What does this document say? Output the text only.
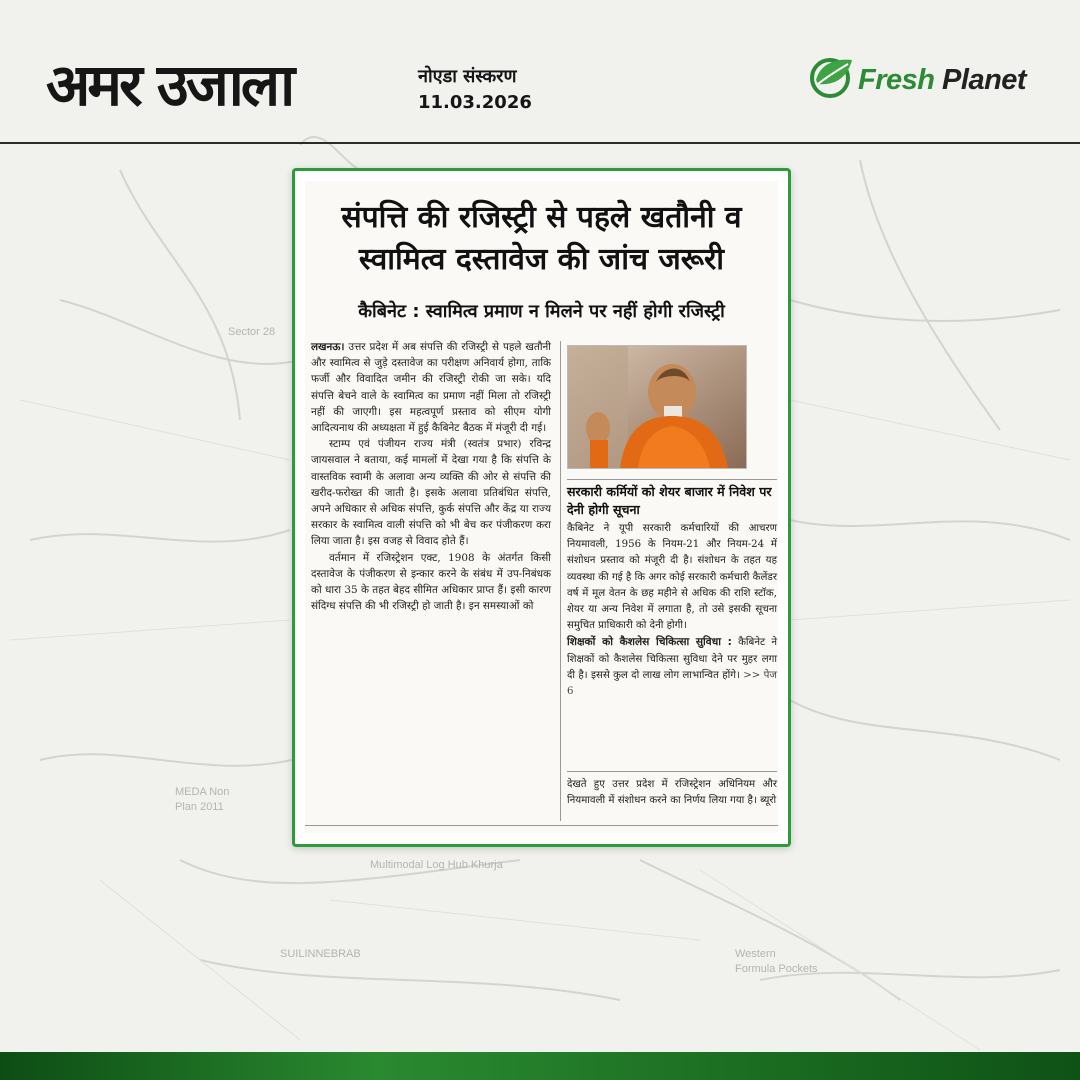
MEDA Non
Plan 2011
Multimodal Log Hub Khurja
Western
Formula Pockets
SUILINNEBRAB
Sector 28
अमर उजाला	नोएडा संस्करण
11.03.2026
Fresh Planet
संपत्ति की रजिस्ट्री से पहले खतौनी व
स्वामित्व दस्तावेज की जांच जरूरी
कैबिनेट : स्वामित्व प्रमाण न मिलने पर नहीं होगी रजिस्ट्री

लखनऊ। उत्तर प्रदेश में अब संपत्ति की रजिस्ट्री से पहले खतौनी और स्वामित्व से जुड़े दस्तावेज का परीक्षण अनिवार्य होगा, ताकि फर्जी और विवादित जमीन की रजिस्ट्री रोकी जा सके। यदि संपत्ति बेचने वाले के स्वामित्व का प्रमाण नहीं मिला तो रजिस्ट्री नहीं की जाएगी। इस महत्वपूर्ण प्रस्ताव को सीएम योगी आदित्यनाथ की अध्यक्षता में हुई कैबिनेट बैठक में मंजूरी दी गई।

स्टाम्प एवं पंजीयन राज्य मंत्री (स्वतंत्र प्रभार) रविन्द्र जायसवाल ने बताया, कई मामलों में देखा गया है कि संपत्ति के वास्तविक स्वामी के अलावा अन्य व्यक्ति की ओर से संपत्ति की खरीद-फरोख्त की जाती है। इसके अलावा प्रतिबंधित संपत्ति, अपने अधिकार से अधिक संपत्ति, कुर्क संपत्ति और केंद्र या राज्य सरकार के स्वामित्व वाली संपत्ति को भी बेच कर पंजीकरण करा लिया जाता है। इस वजह से विवाद होते हैं।

वर्तमान में रजिस्ट्रेशन एक्ट, 1908 के अंतर्गत किसी दस्तावेज के पंजीकरण से इन्कार करने के संबंध में उप-निबंधक को धारा 35 के तहत बेहद सीमित अधिकार प्राप्त हैं। इसी कारण संदिग्ध संपत्ति की भी रजिस्ट्री हो जाती है। इन समस्याओं को

सरकारी कर्मियों को शेयर बाजार में निवेश पर देनी होगी सूचना

कैबिनेट ने यूपी सरकारी कर्मचारियों की आचरण नियमावली, 1956 के नियम-21 और नियम-24 में संशोधन प्रस्ताव को मंजूरी दी है। संशोधन के तहत यह व्यवस्था की गई है कि अगर कोई सरकारी कर्मचारी कैलेंडर वर्ष में मूल वेतन के छह महीने से अधिक की राशि स्टॉक, शेयर या अन्य निवेश में लगाता है, तो उसे इसकी सूचना समुचित प्राधिकारी को देनी होगी।

शिक्षकों को कैशलेस चिकित्सा सुविधा : कैबिनेट ने शिक्षकों को कैशलेस चिकित्सा सुविधा देने पर मुहर लगा दी है। इससे कुल दो लाख लोग लाभान्वित होंगे। >> पेज 6

देखते हुए उत्तर प्रदेश में रजिस्ट्रेशन अधिनियम और नियमावली में संशोधन करने का निर्णय लिया गया है। ब्यूरो
